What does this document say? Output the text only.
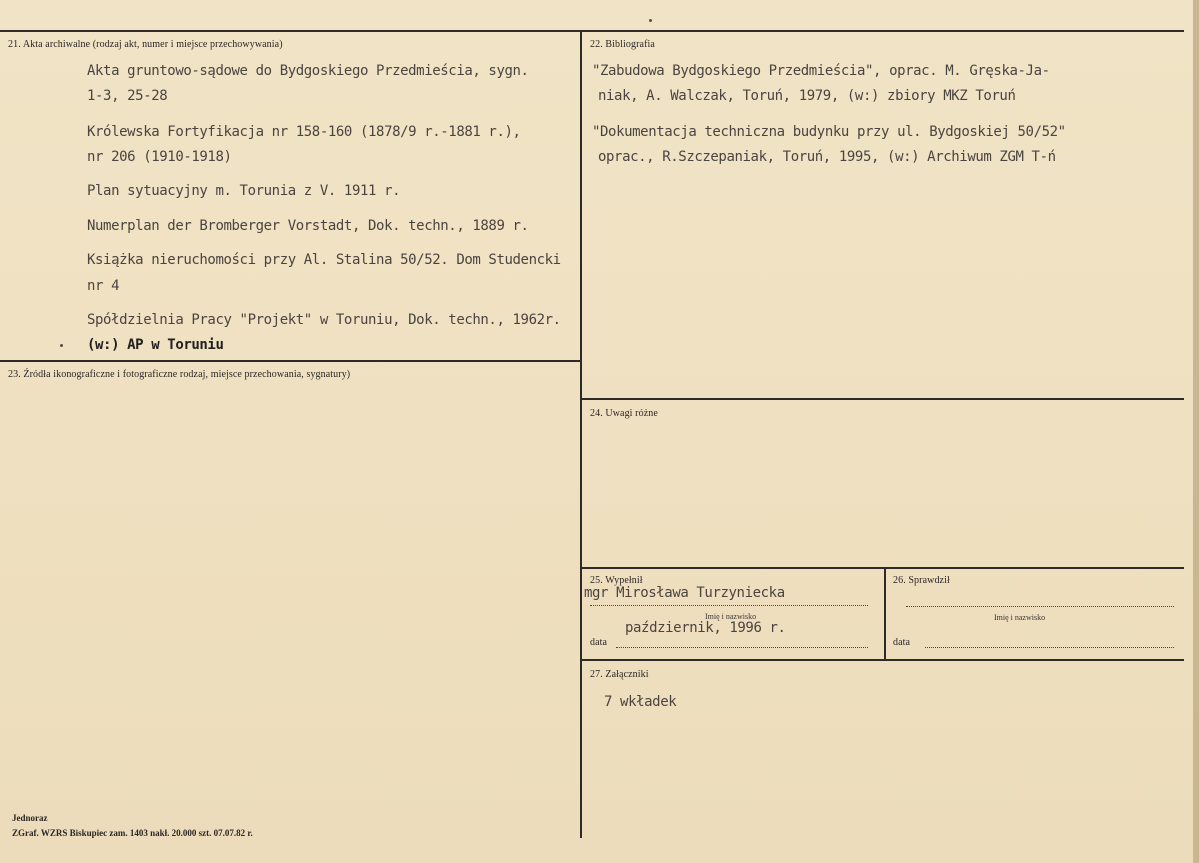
21. Akta archiwalne (rodzaj akt, numer i miejsce przechowywania)
Akta gruntowo-sądowe do Bydgoskiego Przedmieścia, sygn.
1-3, 25-28
Królewska Fortyfikacja nr 158-160 (1878/9 r.-1881 r.),
nr 206 (1910-1918)
Plan sytuacyjny m. Torunia z V. 1911 r.
Numerplan der Bromberger Vorstadt, Dok. techn., 1889 r.
Książka nieruchomości przy Al. Stalina 50/52. Dom Studencki
nr 4
Spółdzielnia Pracy "Projekt" w Toruniu, Dok. techn., 1962r.
(w:) AP w Toruniu
22. Bibliografia
"Zabudowa Bydgoskiego Przedmieścia", oprac. M. Gręska-Ja-
niak, A. Walczak, Toruń, 1979, (w:) zbiory MKZ Toruń
"Dokumentacja techniczna budynku przy ul. Bydgoskiej 50/52"
oprac., R.Szczepaniak, Toruń, 1995, (w:) Archiwum ZGM T-ń
23. Źródła ikonograficzne i fotograficzne rodzaj, miejsce przechowania, sygnatury)
24. Uwagi różne
25. Wypełnił
mgr Mirosława Turzyniecka
Imię i nazwisko
październik, 1996 r.
data
26. Sprawdził
Imię i nazwisko
data
27. Załączniki
7 wkładek
Jednoraz
ZGraf. WZRS Biskupiec zam. 1403 nakł. 20.000 szt. 07.07.82 r.
